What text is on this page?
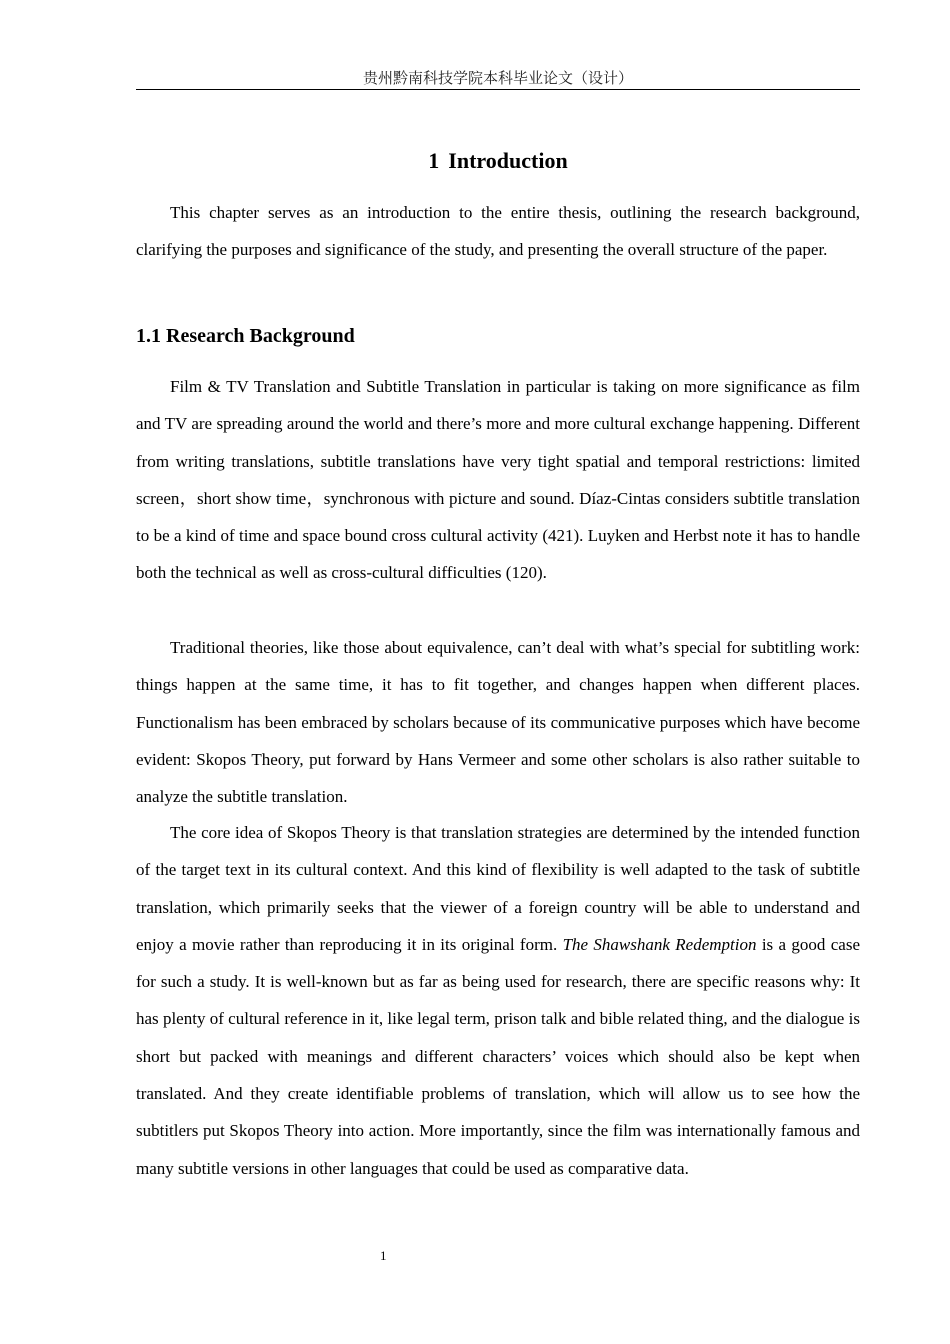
贵州黔南科技学院本科毕业论文（设计）
1 Introduction

This chapter serves as an introduction to the entire thesis, outlining the research background, clarifying the purposes and significance of the study, and presenting the overall structure of the paper.

1.1 Research Background

Film & TV Translation and Subtitle Translation in particular is taking on more significance as film and TV are spreading around the world and there’s more and more cultural exchange happening. Different from writing translations, subtitle translations have very tight spatial and temporal restrictions: limited screen，short show time，synchronous with picture and sound. Díaz-Cintas considers subtitle translation to be a kind of time and space bound cross cultural activity (421). Luyken and Herbst note it has to handle both the technical as well as cross-cultural difficulties (120).

Traditional theories, like those about equivalence, can’t deal with what’s special for subtitling work: things happen at the same time, it has to fit together, and changes happen when different places. Functionalism has been embraced by scholars because of its communicative purposes which have become evident: Skopos Theory, put forward by Hans Vermeer and some other scholars is also rather suitable to analyze the subtitle translation.

The core idea of Skopos Theory is that translation strategies are determined by the intended function of the target text in its cultural context. And this kind of flexibility is well adapted to the task of subtitle translation, which primarily seeks that the viewer of a foreign country will be able to understand and enjoy a movie rather than reproducing it in its original form. The Shawshank Redemption is a good case for such a study. It is well-known but as far as being used for research, there are specific reasons why: It has plenty of cultural reference in it, like legal term, prison talk and bible related thing, and the dialogue is short but packed with meanings and different characters’ voices which should also be kept when translated. And they create identifiable problems of translation, which will allow us to see how the subtitlers put Skopos Theory into action. More importantly, since the film was internationally famous and many subtitle versions in other languages that could be used as comparative data.

1
